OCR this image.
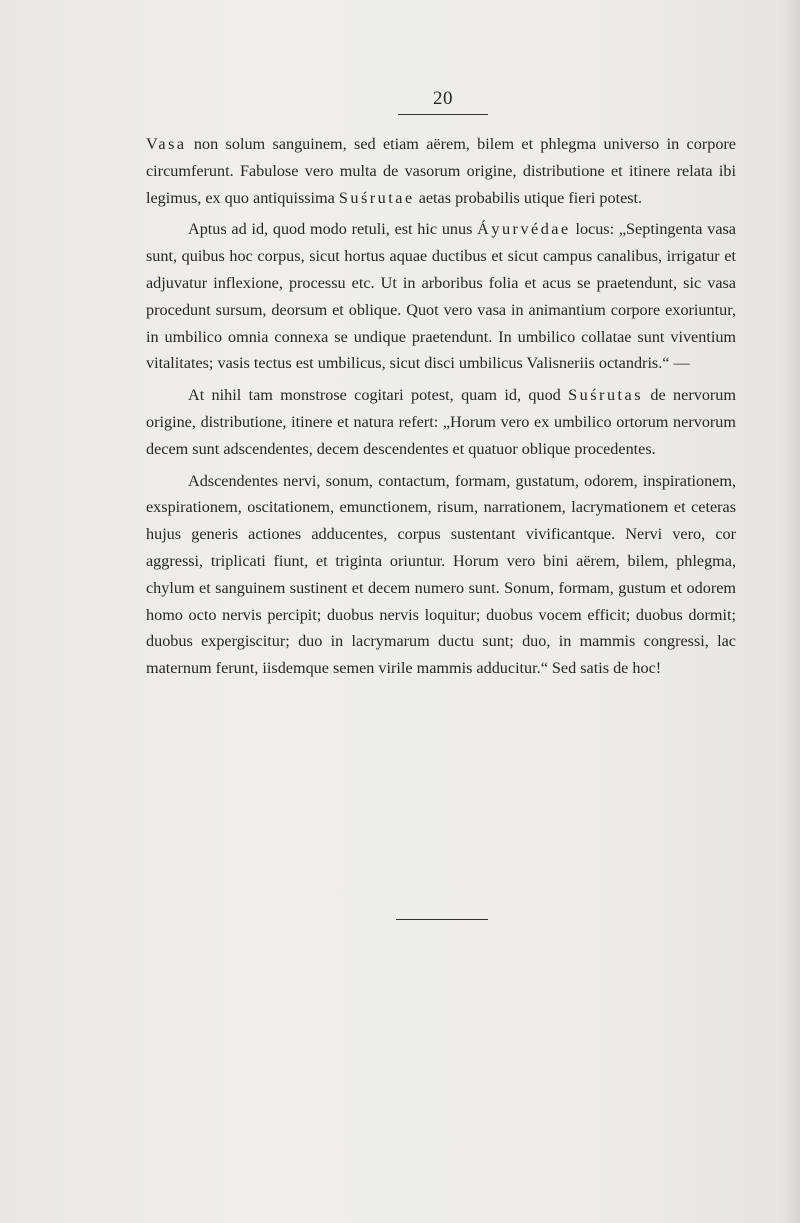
20

Vasa non solum sanguinem, sed etiam aërem, bilem et phlegma universo in corpore circumferunt. Fabulose vero multa de vasorum origine, distributione et itinere relata ibi legimus, ex quo antiquissima Suśrutae aetas probabilis utique fieri potest.

Aptus ad id, quod modo retuli, est hic unus Áyurvédae locus: „Septingenta vasa sunt, quibus hoc corpus, sicut hortus aquae ductibus et sicut campus canalibus, irrigatur et adjuvatur inflexione, processu etc. Ut in arboribus folia et acus se praetendunt, sic vasa procedunt sursum, deorsum et oblique. Quot vero vasa in animantium corpore exoriuntur, in umbilico omnia connexa se undique praetendunt. In umbilico collatae sunt viventium vitalitates; vasis tectus est umbilicus, sicut disci umbilicus Valisneriis octandris.“ —

At nihil tam monstrose cogitari potest, quam id, quod Suśrutas de nervorum origine, distributione, itinere et natura refert: „Horum vero ex umbilico ortorum nervorum decem sunt adscendentes, decem descendentes et quatuor oblique procedentes.

Adscendentes nervi, sonum, contactum, formam, gustatum, odorem, inspirationem, exspirationem, oscitationem, emunctionem, risum, narrationem, lacrymationem et ceteras hujus generis actiones adducentes, corpus sustentant vivificantque. Nervi vero, cor aggressi, triplicati fiunt, et triginta oriuntur. Horum vero bini aërem, bilem, phlegma, chylum et sanguinem sustinent et decem numero sunt. Sonum, formam, gustum et odorem homo octo nervis percipit; duobus nervis loquitur; duobus vocem efficit; duobus dormit; duobus expergiscitur; duo in lacrymarum ductu sunt; duo, in mammis congressi, lac maternum ferunt, iisdemque semen virile mammis adducitur.“ Sed satis de hoc!
